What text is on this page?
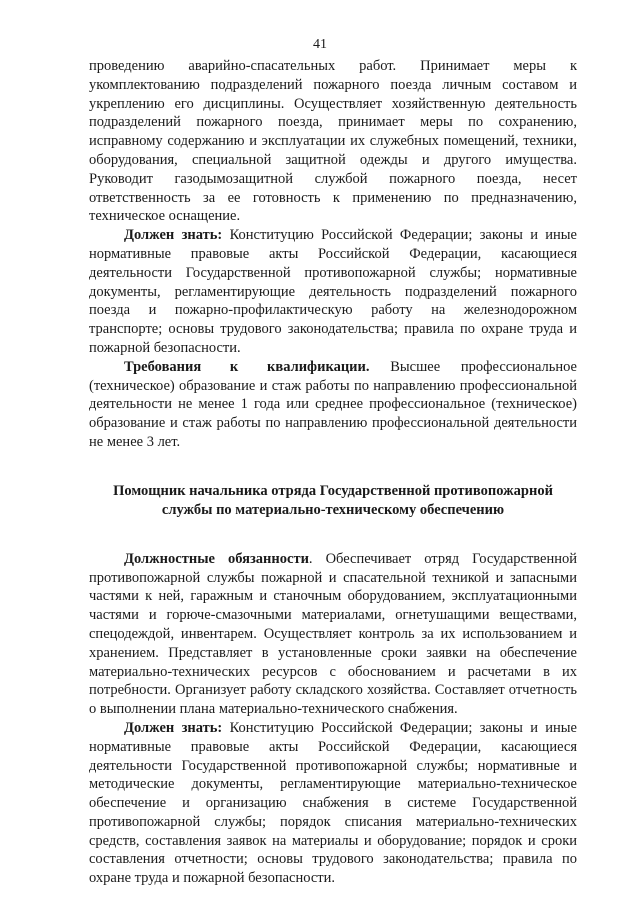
41

проведению аварийно-спасательных работ. Принимает меры к укомплектованию подразделений пожарного поезда личным составом и укреплению его дисциплины. Осуществляет хозяйственную деятельность подразделений пожарного поезда, принимает меры по сохранению, исправному содержанию и эксплуатации их служебных помещений, техники, оборудования, специальной защитной одежды и другого имущества. Руководит газодымозащитной службой пожарного поезда, несет ответственность за ее готовность к применению по предназначению, техническое оснащение.

Должен знать: Конституцию Российской Федерации; законы и иные нормативные правовые акты Российской Федерации, касающиеся деятельности Государственной противопожарной службы; нормативные документы, регламентирующие деятельность подразделений пожарного поезда и пожарно-профилактическую работу на железнодорожном транспорте; основы трудового законодательства; правила по охране труда и пожарной безопасности.

Требования к квалификации. Высшее профессиональное (техническое) образование и стаж работы по направлению профессиональной деятельности не менее 1 года или среднее профессиональное (техническое) образование и стаж работы по направлению профессиональной деятельности не менее 3 лет.

Помощник начальника отряда Государственной противопожарной службы по материально-техническому обеспечению

Должностные обязанности. Обеспечивает отряд Государственной противопожарной службы пожарной и спасательной техникой и запасными частями к ней, гаражным и станочным оборудованием, эксплуатационными частями и горюче-смазочными материалами, огнетушащими веществами, спецодеждой, инвентарем. Осуществляет контроль за их использованием и хранением. Представляет в установленные сроки заявки на обеспечение материально-технических ресурсов с обоснованием и расчетами в их потребности. Организует работу складского хозяйства. Составляет отчетность о выполнении плана материально-технического снабжения.

Должен знать: Конституцию Российской Федерации; законы и иные нормативные правовые акты Российской Федерации, касающиеся деятельности Государственной противопожарной службы; нормативные и методические документы, регламентирующие материально-техническое обеспечение и организацию снабжения в системе Государственной противопожарной службы; порядок списания материально-технических средств, составления заявок на материалы и оборудование; порядок и сроки составления отчетности; основы трудового законодательства; правила по охране труда и пожарной безопасности.
